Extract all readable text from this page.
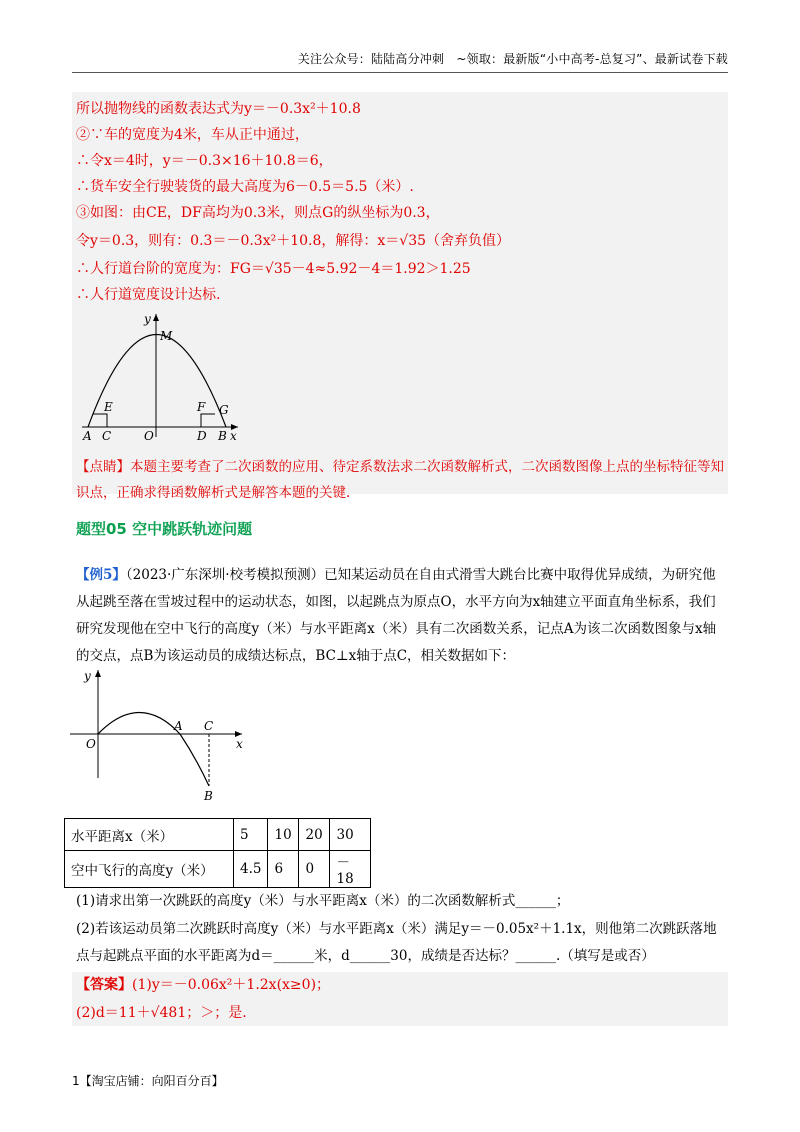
关注公众号：陆陆高分冲刺　~领取：最新版“小中高考-总复习”、最新试卷下载
所以抛物线的函数表达式为y＝－0.3x²＋10.8
②∵车的宽度为4米，车从正中通过，
∴令x＝4时，y＝－0.3×16＋10.8＝6，
∴货车安全行驶装货的最大高度为6－0.5＝5.5（米）.
③如图：由CE，DF高均为0.3米，则点G的纵坐标为0.3，
令y＝0.3，则有：0.3＝－0.3x²＋10.8，解得：x＝√35（舍弃负值）
∴人行道台阶的宽度为：FG＝√35－4≈5.92－4＝1.92＞1.25
∴人行道宽度设计达标.
y
M
E	F G
A C	O	D B x
【点睛】本题主要考查了二次函数的应用、待定系数法求二次函数解析式，二次函数图像上点的坐标特征等知识点，正确求得函数解析式是解答本题的关键.
题型05 空中跳跃轨迹问题
【例5】（2023·广东深圳·校考模拟预测）已知某运动员在自由式滑雪大跳台比赛中取得优异成绩，为研究他从起跳至落在雪坡过程中的运动状态，如图，以起跳点为原点O，水平方向为x轴建立平面直角坐标系，我们研究发现他在空中飞行的高度y（米）与水平距离x（米）具有二次函数关系，记点A为该二次函数图象与x轴的交点，点B为该运动员的成绩达标点，BC⊥x轴于点C，相关数据如下：
y
O
A C
x
B
水平距离x（米）	5	10	20	30
空中飞行的高度y（米）	4.5	6	0	－18
(1)请求出第一次跳跃的高度y（米）与水平距离x（米）的二次函数解析式______；
(2)若该运动员第二次跳跃时高度y（米）与水平距离x（米）满足y＝－0.05x²＋1.1x，则他第二次跳跃落地点与起跳点平面的水平距离为d＝______米，d______30，成绩是否达标？______.（填写是或否）
【答案】(1)y＝－0.06x²＋1.2x(x≥0)；
(2)d＝11＋√481；＞；是.
1【淘宝店铺：向阳百分百】
